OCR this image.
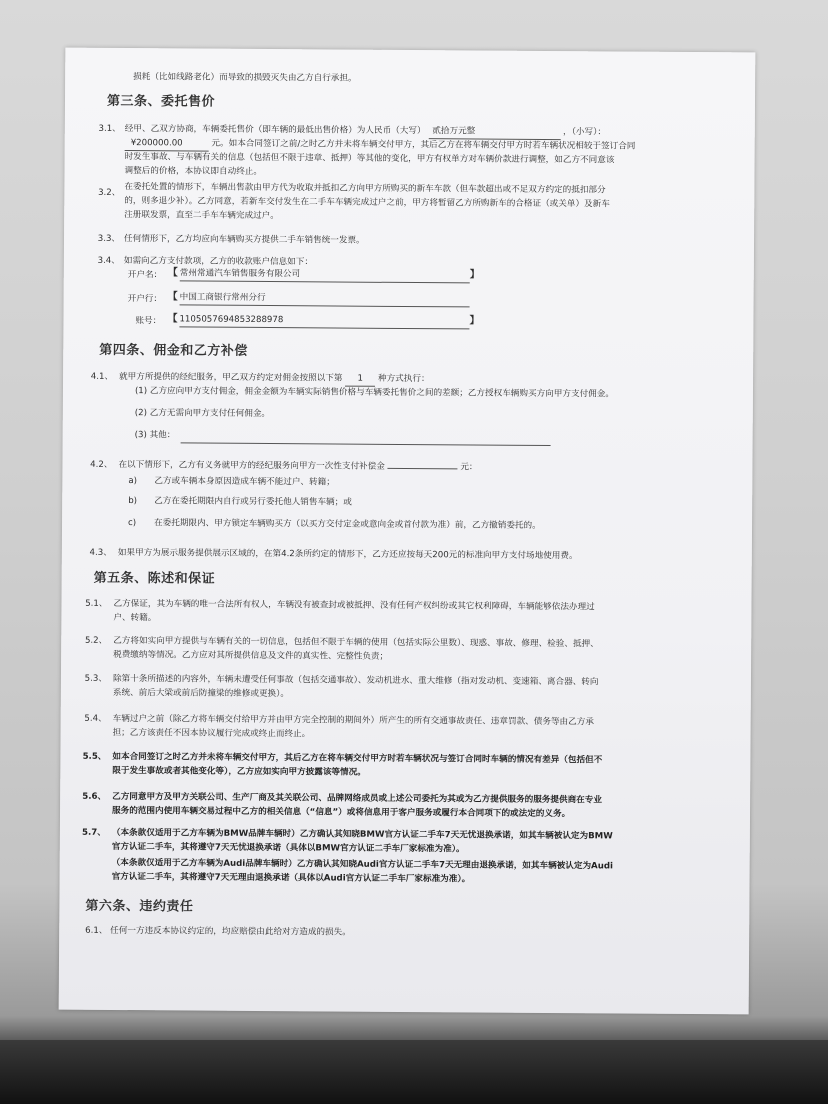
损耗（比如线路老化）而导致的损毁灭失由乙方自行承担。
第三条、委托售价
3.1、 经甲、乙双方协商，车辆委托售价（即车辆的最低出售价格）为人民币（大写） 贰拾万元整	，（小写）：
¥200000.00	元。如本合同签订之前/之时乙方并未将车辆交付甲方，其后乙方在将车辆交付甲方时若车辆状况相较于签订合同
时发生事故、与车辆有关的信息（包括但不限于违章、抵押）等其他的变化，甲方有权单方对车辆价款进行调整，如乙方不同意该
调整后的价格，本协议即自动终止。
3.2、 在委托处置的情形下，车辆出售款由甲方代为收取并抵扣乙方向甲方所购买的新车车款（但车款超出或不足双方约定的抵扣部分
的，则多退少补）。乙方同意，若新车交付发生在二手车车辆完成过户之前，甲方将暂留乙方所购新车的合格证（或关单）及新车
注册联发票，直至二手车车辆完成过户。
3.3、 任何情形下，乙方均应向车辆购买方提供二手车销售统一发票。
3.4、 如需向乙方支付款项，乙方的收款账户信息如下：
开户名： 【 常州常通汽车销售服务有限公司	】
开户行： 【 中国工商银行常州分行
账号： 【 1105057694853288978	】
第四条、佣金和乙方补偿
4.1、 就甲方所提供的经纪服务，甲乙双方约定对佣金按照以下第 1 种方式执行：
(1) 乙方应向甲方支付佣金，佣金金额为车辆实际销售价格与车辆委托售价之间的差额；乙方授权车辆购买方向甲方支付佣金。
(2) 乙方无需向甲方支付任何佣金。
(3) 其他：
4.2、 在以下情形下，乙方有义务就甲方的经纪服务向甲方一次性支付补偿金	元：
a) 乙方或车辆本身原因造成车辆不能过户、转籍；
b) 乙方在委托期限内自行或另行委托他人销售车辆；或
c) 在委托期限内、甲方锁定车辆购买方（以买方交付定金或意向金或首付款为准）前，乙方撤销委托的。
4.3、 如果甲方为展示服务提供展示区域的，在第4.2条所约定的情形下，乙方还应按每天200元的标准向甲方支付场地使用费。
第五条、陈述和保证
5.1、 乙方保证，其为车辆的唯一合法所有权人，车辆没有被查封或被抵押、没有任何产权纠纷或其它权利障碍，车辆能够依法办理过
户、转籍。
5.2、 乙方将如实向甲方提供与车辆有关的一切信息，包括但不限于车辆的使用（包括实际公里数）、现惑、事故、修理、检验、抵押、
税费缴纳等情况。乙方应对其所提供信息及文件的真实性、完整性负责；
5.3、 除第十条所描述的内容外，车辆未遭受任何事故（包括交通事故）、发动机进水、重大维修（指对发动机、变速箱、离合器、转向
系统、前后大梁或前后防撞梁的维修或更换）。
5.4、 车辆过户之前（除乙方将车辆交付给甲方并由甲方完全控制的期间外）所产生的所有交通事故责任、违章罚款、债务等由乙方承
担；乙方该责任不因本协议履行完成或终止而终止。
5.5、 如本合同签订之时乙方并未将车辆交付甲方，其后乙方在将车辆交付甲方时若车辆状况与签订合同时车辆的情况有差异（包括但不
限于发生事故或者其他变化等），乙方应如实向甲方披露该等情况。
5.6、 乙方同意甲方及甲方关联公司、生产厂商及其关联公司、品牌网络成员或上述公司委托为其或为乙方提供服务的服务提供商在专业
服务的范围内使用车辆交易过程中乙方的相关信息（“信息”）或将信息用于客户服务或履行本合同项下的或法定的义务。
5.7、 （本条款仅适用于乙方车辆为BMW品牌车辆时）乙方确认其知晓BMW官方认证二手车7天无忧退换承诺，如其车辆被认定为BMW
官方认证二手车，其将遵守7天无忧退换承诺（具体以BMW官方认证二手车厂家标准为准）。
（本条款仅适用于乙方车辆为Audi品牌车辆时）乙方确认其知晓Audi官方认证二手车7天无理由退换承诺，如其车辆被认定为Audi
官方认证二手车，其将遵守7天无理由退换承诺（具体以Audi官方认证二手车厂家标准为准）。
第六条、违约责任
6.1、 任何一方违反本协议约定的，均应赔偿由此给对方造成的损失。
